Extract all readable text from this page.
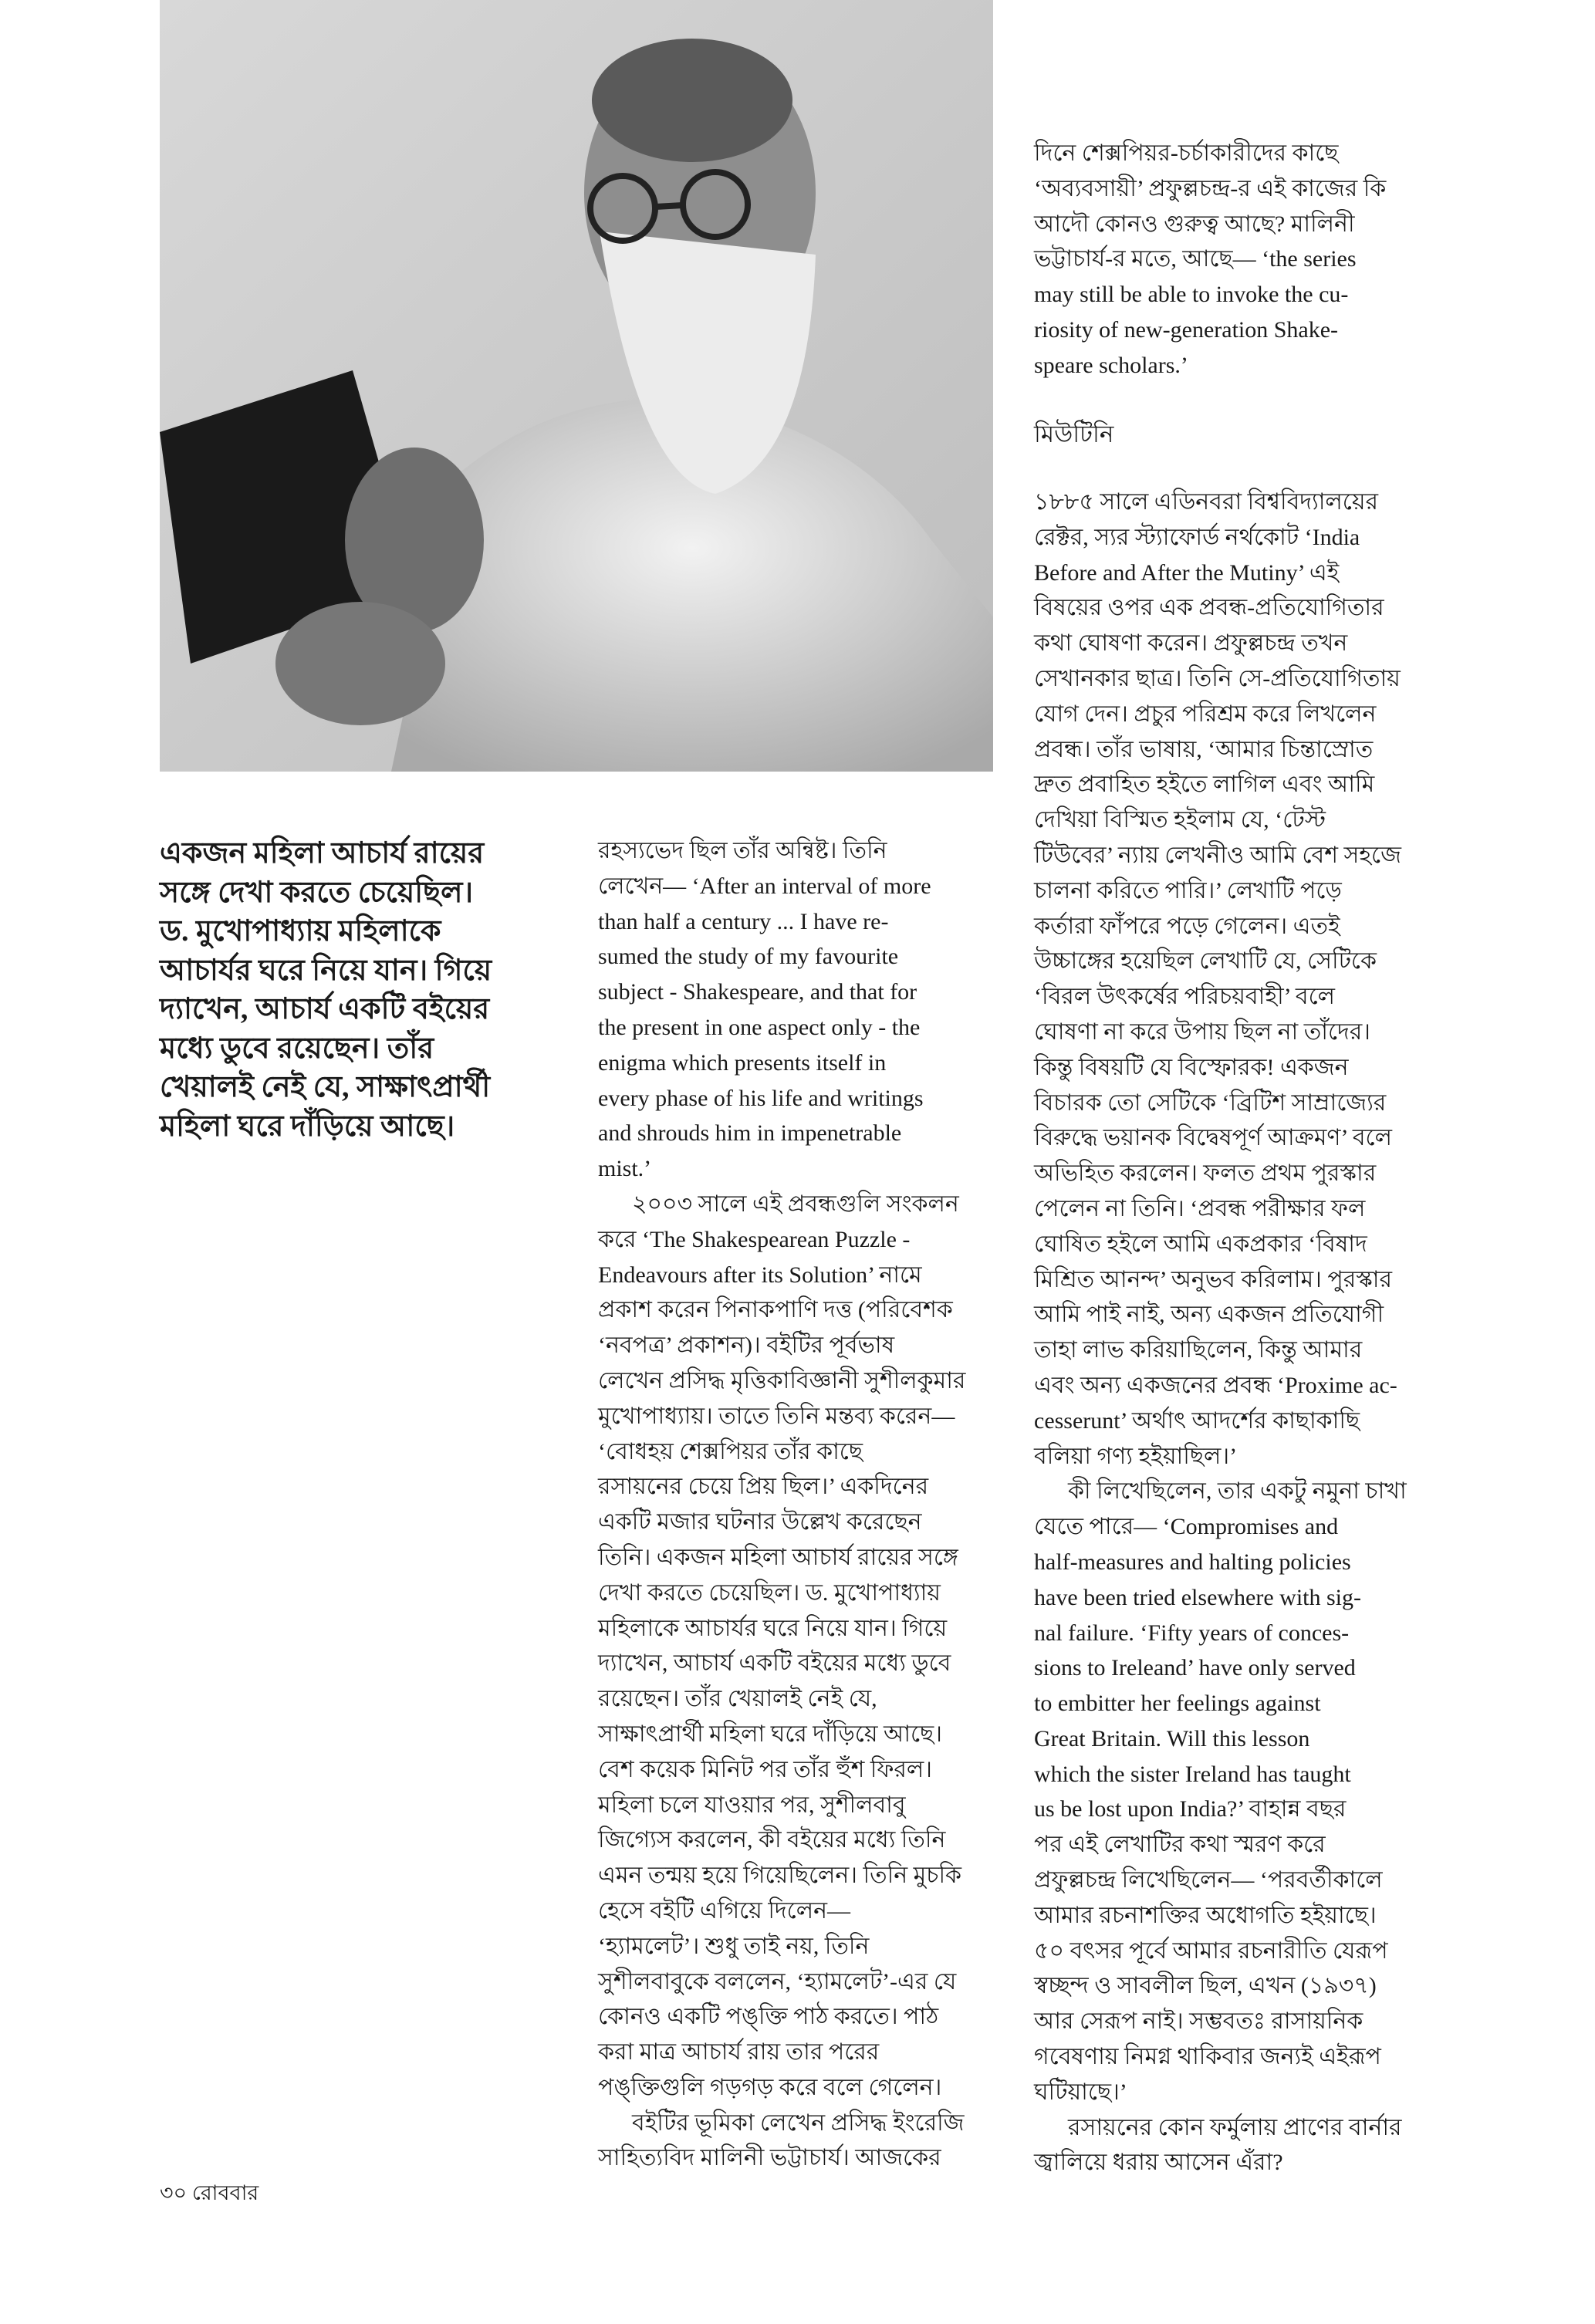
একজন মহিলা আচার্য রায়ের
সঙ্গে দেখা করতে চেয়েছিল।
ড. মুখোপাধ্যায় মহিলাকে
আচার্যর ঘরে নিয়ে যান। গিয়ে
দ্যাখেন, আচার্য একটি বইয়ের
মধ্যে ডুবে রয়েছেন। তাঁর
খেয়ালই নেই যে, সাক্ষাৎপ্রার্থী
মহিলা ঘরে দাঁড়িয়ে আছে।
রহস্যভেদ ছিল তাঁর অন্বিষ্ট। তিনি
লেখেন— ‘After an interval of more
than half a century ... I have re-
sumed the study of my favourite
subject - Shakespeare, and that for
the present in one aspect only - the
enigma which presents itself in
every phase of his life and writings
and shrouds him in impenetrable
mist.’
২০০৩ সালে এই প্রবন্ধগুলি সংকলন
করে ‘The Shakespearean Puzzle -
Endeavours after its Solution’ নামে
প্রকাশ করেন পিনাকপাণি দত্ত (পরিবেশক
‘নবপত্র’ প্রকাশন)। বইটির পূর্বভাষ
লেখেন প্রসিদ্ধ মৃত্তিকাবিজ্ঞানী সুশীলকুমার
মুখোপাধ্যায়। তাতে তিনি মন্তব্য করেন—
‘বোধহয় শেক্সপিয়র তাঁর কাছে
রসায়নের চেয়ে প্রিয় ছিল।’ একদিনের
একটি মজার ঘটনার উল্লেখ করেছেন
তিনি। একজন মহিলা আচার্য রায়ের সঙ্গে
দেখা করতে চেয়েছিল। ড. মুখোপাধ্যায়
মহিলাকে আচার্যর ঘরে নিয়ে যান। গিয়ে
দ্যাখেন, আচার্য একটি বইয়ের মধ্যে ডুবে
রয়েছেন। তাঁর খেয়ালই নেই যে,
সাক্ষাৎপ্রার্থী মহিলা ঘরে দাঁড়িয়ে আছে।
বেশ কয়েক মিনিট পর তাঁর হুঁশ ফিরল।
মহিলা চলে যাওয়ার পর, সুশীলবাবু
জিগ্যেস করলেন, কী বইয়ের মধ্যে তিনি
এমন তন্ময় হয়ে গিয়েছিলেন। তিনি মুচকি
হেসে বইটি এগিয়ে দিলেন—
‘হ্যামলেট’। শুধু তাই নয়, তিনি
সুশীলবাবুকে বললেন, ‘হ্যামলেট’-এর যে
কোনও একটি পঙ্‌ক্তি পাঠ করতে। পাঠ
করা মাত্র আচার্য রায় তার পরের
পঙ্‌ক্তিগুলি গড়গড় করে বলে গেলেন।
বইটির ভূমিকা লেখেন প্রসিদ্ধ ইংরেজি
সাহিত্যবিদ মালিনী ভট্টাচার্য। আজকের
দিনে শেক্সপিয়র-চর্চাকারীদের কাছে
‘অব্যবসায়ী’ প্রফুল্লচন্দ্র-র এই কাজের কি
আদৌ কোনও গুরুত্ব আছে? মালিনী
ভট্টাচার্য-র মতে, আছে— ‘the series
may still be able to invoke the cu-
riosity of new-generation Shake-
speare scholars.’
মিউটিনি
১৮৮৫ সালে এডিনবরা বিশ্ববিদ্যালয়ের
রেক্টর, স্যর স্ট্যাফোর্ড নর্থকোট ‘India
Before and After the Mutiny’ এই
বিষয়ের ওপর এক প্রবন্ধ-প্রতিযোগিতার
কথা ঘোষণা করেন। প্রফুল্লচন্দ্র তখন
সেখানকার ছাত্র। তিনি সে-প্রতিযোগিতায়
যোগ দেন। প্রচুর পরিশ্রম করে লিখলেন
প্রবন্ধ। তাঁর ভাষায়, ‘আমার চিন্তাস্রোত
দ্রুত প্রবাহিত হইতে লাগিল এবং আমি
দেখিয়া বিস্মিত হইলাম যে, ‘টেস্ট
টিউবের’ ন্যায় লেখনীও আমি বেশ সহজে
চালনা করিতে পারি।’ লেখাটি পড়ে
কর্তারা ফাঁপরে পড়ে গেলেন। এতই
উচ্চাঙ্গের হয়েছিল লেখাটি যে, সেটিকে
‘বিরল উৎকর্ষের পরিচয়বাহী’ বলে
ঘোষণা না করে উপায় ছিল না তাঁদের।
কিন্তু বিষয়টি যে বিস্ফোরক! একজন
বিচারক তো সেটিকে ‘ব্রিটিশ সাম্রাজ্যের
বিরুদ্ধে ভয়ানক বিদ্বেষপূর্ণ আক্রমণ’ বলে
অভিহিত করলেন। ফলত প্রথম পুরস্কার
পেলেন না তিনি। ‘প্রবন্ধ পরীক্ষার ফল
ঘোষিত হইলে আমি একপ্রকার ‘বিষাদ
মিশ্রিত আনন্দ’ অনুভব করিলাম। পুরস্কার
আমি পাই নাই, অন্য একজন প্রতিযোগী
তাহা লাভ করিয়াছিলেন, কিন্তু আমার
এবং অন্য একজনের প্রবন্ধ ‘Proxime ac-
cesserunt’ অর্থাৎ আদর্শের কাছাকাছি
বলিয়া গণ্য হইয়াছিল।’
কী লিখেছিলেন, তার একটু নমুনা চাখা
যেতে পারে— ‘Compromises and
half-measures and halting policies
have been tried elsewhere with sig-
nal failure. ‘Fifty years of conces-
sions to Ireleand’ have only served
to embitter her feelings against
Great Britain. Will this lesson
which the sister Ireland has taught
us be lost upon India?’ বাহান্ন বছর
পর এই লেখাটির কথা স্মরণ করে
প্রফুল্লচন্দ্র লিখেছিলেন— ‘পরবর্তীকালে
আমার রচনাশক্তির অধোগতি হইয়াছে।
৫০ বৎসর পূর্বে আমার রচনারীতি যেরূপ
স্বচ্ছন্দ ও সাবলীল ছিল, এখন (১৯৩৭)
আর সেরূপ নাই। সম্ভবতঃ রাসায়নিক
গবেষণায় নিমগ্ন থাকিবার জন্যই এইরূপ
ঘটিয়াছে।’
রসায়নের কোন ফর্মুলায় প্রাণের বার্নার
জ্বালিয়ে ধরায় আসেন এঁরা?
৩০ রোববার
